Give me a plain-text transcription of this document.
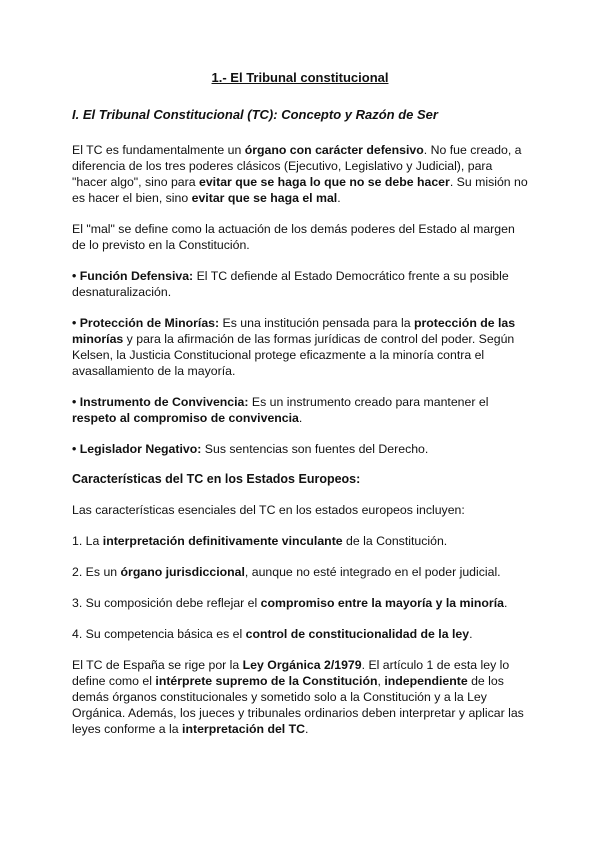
1.- El Tribunal constitucional
I. El Tribunal Constitucional (TC): Concepto y Razón de Ser

El TC es fundamentalmente un órgano con carácter defensivo. No fue creado, a diferencia de los tres poderes clásicos (Ejecutivo, Legislativo y Judicial), para "hacer algo", sino para evitar que se haga lo que no se debe hacer. Su misión no es hacer el bien, sino evitar que se haga el mal.

El "mal" se define como la actuación de los demás poderes del Estado al margen de lo previsto en la Constitución.

• Función Defensiva: El TC defiende al Estado Democrático frente a su posible desnaturalización.

• Protección de Minorías: Es una institución pensada para la protección de las minorías y para la afirmación de las formas jurídicas de control del poder. Según Kelsen, la Justicia Constitucional protege eficazmente a la minoría contra el avasallamiento de la mayoría.

• Instrumento de Convivencia: Es un instrumento creado para mantener el respeto al compromiso de convivencia.

• Legislador Negativo: Sus sentencias son fuentes del Derecho.

Características del TC en los Estados Europeos:

Las características esenciales del TC en los estados europeos incluyen:

1. La interpretación definitivamente vinculante de la Constitución.

2. Es un órgano jurisdiccional, aunque no esté integrado en el poder judicial.

3. Su composición debe reflejar el compromiso entre la mayoría y la minoría.

4. Su competencia básica es el control de constitucionalidad de la ley.

El TC de España se rige por la Ley Orgánica 2/1979. El artículo 1 de esta ley lo define como el intérprete supremo de la Constitución, independiente de los demás órganos constitucionales y sometido solo a la Constitución y a la Ley Orgánica. Además, los jueces y tribunales ordinarios deben interpretar y aplicar las leyes conforme a la interpretación del TC.
